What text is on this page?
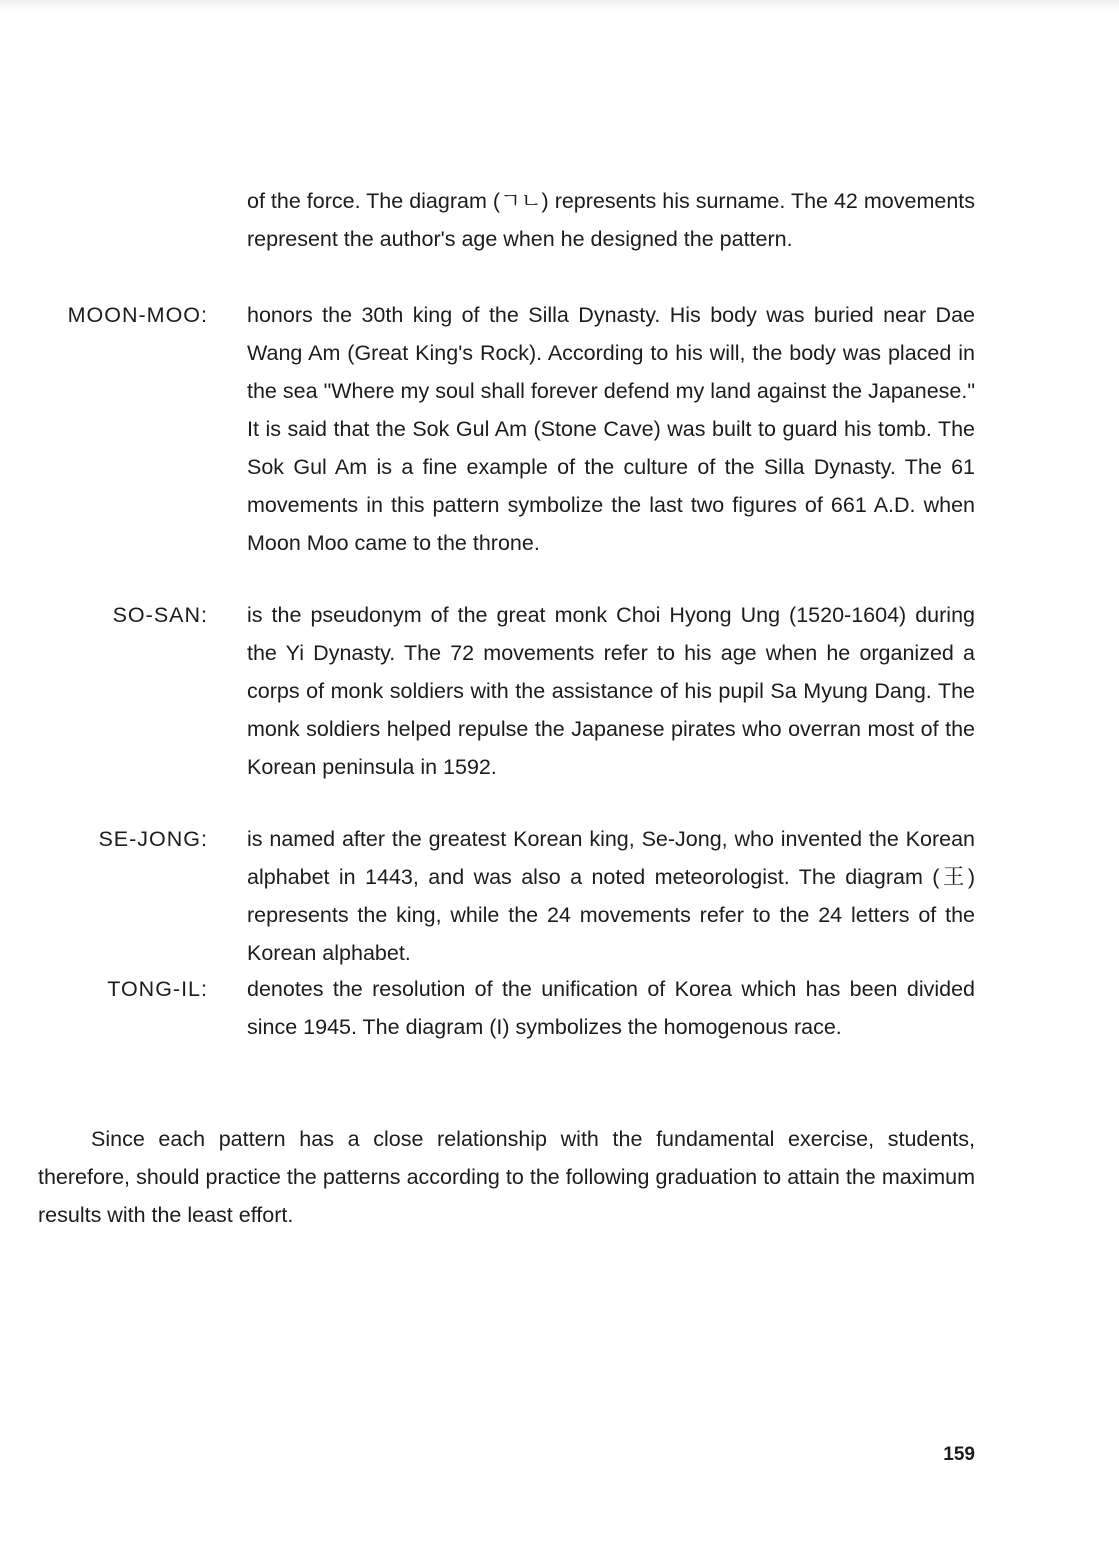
of the force. The diagram (ㄱㄴ) represents his surname. The 42 movements represent the author's age when he designed the pattern.

MOON-MOO: honors the 30th king of the Silla Dynasty. His body was buried near Dae Wang Am (Great King's Rock). According to his will, the body was placed in the sea "Where my soul shall forever defend my land against the Japanese." It is said that the Sok Gul Am (Stone Cave) was built to guard his tomb. The Sok Gul Am is a fine example of the culture of the Silla Dynasty. The 61 movements in this pattern symbolize the last two figures of 661 A.D. when Moon Moo came to the throne.

SO-SAN: is the pseudonym of the great monk Choi Hyong Ung (1520-1604) during the Yi Dynasty. The 72 movements refer to his age when he organized a corps of monk soldiers with the assistance of his pupil Sa Myung Dang. The monk soldiers helped repulse the Japanese pirates who overran most of the Korean peninsula in 1592.

SE-JONG: is named after the greatest Korean king, Se-Jong, who invented the Korean alphabet in 1443, and was also a noted meteorologist. The diagram (王) represents the king, while the 24 movements refer to the 24 letters of the Korean alphabet.

TONG-IL: denotes the resolution of the unification of Korea which has been divided since 1945. The diagram (I) symbolizes the homogenous race.

Since each pattern has a close relationship with the fundamental exercise, students, therefore, should practice the patterns according to the following graduation to attain the maximum results with the least effort.

159
